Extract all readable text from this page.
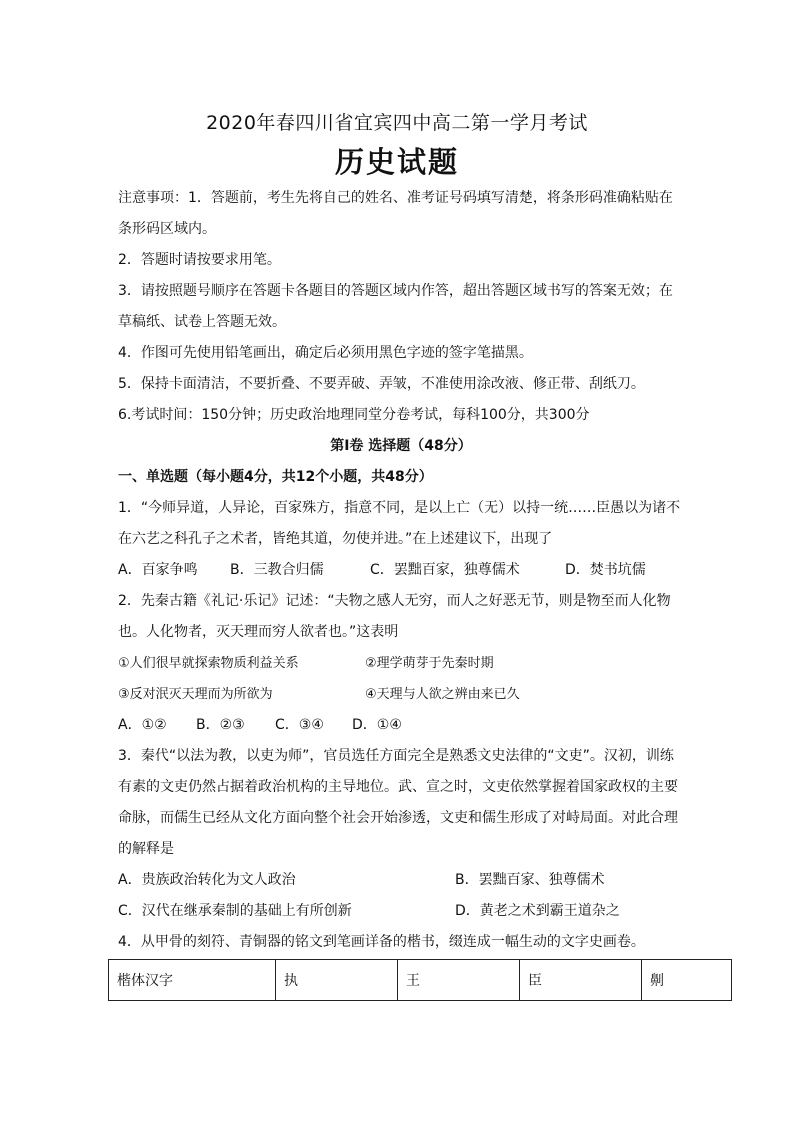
2020年春四川省宜宾四中高二第一学月考试
历史试题

注意事项：1．答题前，考生先将自己的姓名、准考证号码填写清楚，将条形码准确粘贴在条形码区域内。

2．答题时请按要求用笔。

3．请按照题号顺序在答题卡各题目的答题区域内作答，超出答题区域书写的答案无效；在草稿纸、试卷上答题无效。

4．作图可先使用铅笔画出，确定后必须用黑色字迹的签字笔描黑。

5．保持卡面清洁，不要折叠、不要弄破、弄皱，不准使用涂改液、修正带、刮纸刀。

6.考试时间：150分钟；历史政治地理同堂分卷考试，每科100分，共300分

第Ⅰ卷 选择题（48分）

一、单选题（每小题4分，共12个小题，共48分）

1．“今师异道，人异论，百家殊方，指意不同，是以上亡（无）以持一统……臣愚以为诸不在六艺之科孔子之术者，皆绝其道，勿使并进。”在上述建议下，出现了

A．百家争鸣 B．三教合归儒	C．罢黜百家，独尊儒术	D．焚书坑儒

2．先秦古籍《礼记·乐记》记述：“夫物之感人无穷，而人之好恶无节，则是物至而人化物也。人化物者，灭天理而穷人欲者也。”这表明

①人们很早就探索物质利益关系	②理学萌芽于先秦时期
③反对泯灭天理而为所欲为	④天理与人欲之辨由来已久
A．①② B．②③ C．③④ D．①④

3．秦代“以法为教，以吏为师”，官员选任方面完全是熟悉文史法律的“文吏”。汉初，训练有素的文吏仍然占据着政治机构的主导地位。武、宣之时，文吏依然掌握着国家政权的主要命脉，而儒生已经从文化方面向整个社会开始渗透，文吏和儒生形成了对峙局面。对此合理的解释是

A．贵族政治转化为文人政治	B．罢黜百家、独尊儒术
C．汉代在继承秦制的基础上有所创新	D．黄老之术到霸王道杂之

4．从甲骨的刻符、青铜器的铭文到笔画详备的楷书，缀连成一幅生动的文字史画卷。

楷体汉字	执	王	臣	劓
